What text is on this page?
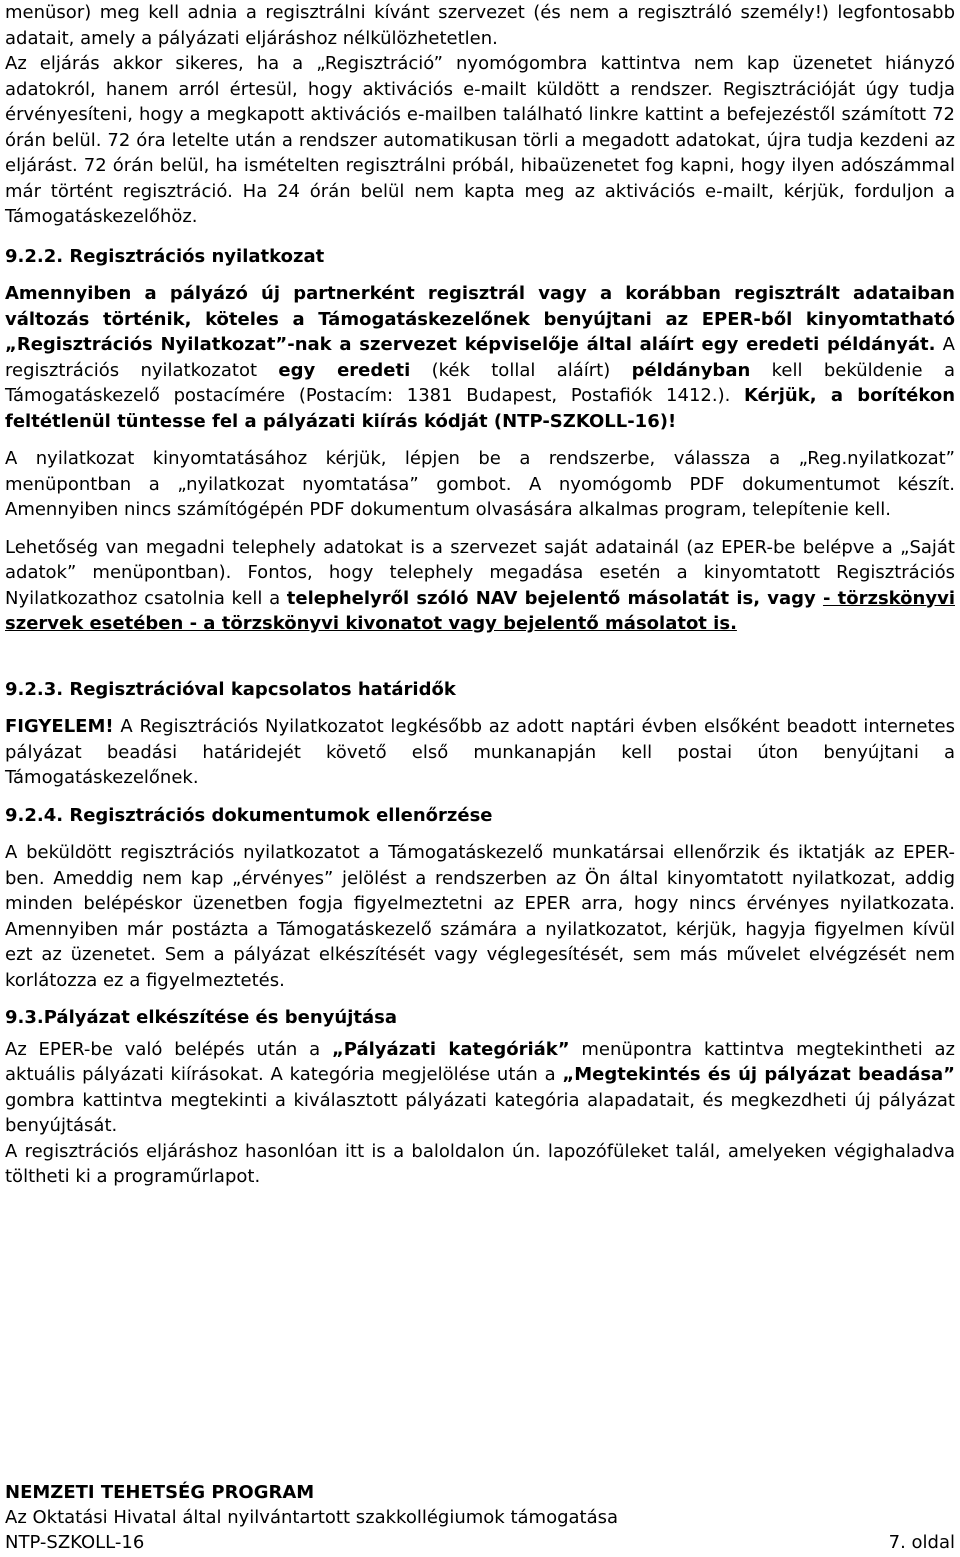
menüsor) meg kell adnia a regisztrálni kívánt szervezet (és nem a regisztráló személy!) legfontosabb adatait, amely a pályázati eljáráshoz nélkülözhetetlen.

Az eljárás akkor sikeres, ha a „Regisztráció” nyomógombra kattintva nem kap üzenetet hiányzó adatokról, hanem arról értesül, hogy aktivációs e-mailt küldött a rendszer. Regisztrációját úgy tudja érvényesíteni, hogy a megkapott aktivációs e-mailben található linkre kattint a befejezéstől számított 72 órán belül. 72 óra letelte után a rendszer automatikusan törli a megadott adatokat, újra tudja kezdeni az eljárást. 72 órán belül, ha ismételten regisztrálni próbál, hibaüzenetet fog kapni, hogy ilyen adószámmal már történt regisztráció. Ha 24 órán belül nem kapta meg az aktivációs e-mailt, kérjük, forduljon a Támogatáskezelőhöz.

9.2.2. Regisztrációs nyilatkozat

Amennyiben a pályázó új partnerként regisztrál vagy a korábban regisztrált adataiban változás történik, köteles a Támogatáskezelőnek benyújtani az EPER-ből kinyomtatható „Regisztrációs Nyilatkozat”-nak a szervezet képviselője által aláírt egy eredeti példányát. A regisztrációs nyilatkozatot egy eredeti (kék tollal aláírt) példányban kell beküldenie a Támogatáskezelő postacímére (Postacím: 1381 Budapest, Postafiók 1412.). Kérjük, a borítékon feltétlenül tüntesse fel a pályázati kiírás kódját (NTP-SZKOLL-16)!

A nyilatkozat kinyomtatásához kérjük, lépjen be a rendszerbe, válassza a „Reg.nyilatkozat” menüpontban a „nyilatkozat nyomtatása” gombot. A nyomógomb PDF dokumentumot készít. Amennyiben nincs számítógépén PDF dokumentum olvasására alkalmas program, telepítenie kell.

Lehetőség van megadni telephely adatokat is a szervezet saját adatainál (az EPER-be belépve a „Saját adatok” menüpontban). Fontos, hogy telephely megadása esetén a kinyomtatott Regisztrációs Nyilatkozathoz csatolnia kell a telephelyről szóló NAV bejelentő másolatát is, vagy - törzskönyvi szervek esetében - a törzskönyvi kivonatot vagy bejelentő másolatot is.

9.2.3. Regisztrációval kapcsolatos határidők

FIGYELEM! A Regisztrációs Nyilatkozatot legkésőbb az adott naptári évben elsőként beadott internetes pályázat beadási határidejét követő első munkanapján kell postai úton benyújtani a Támogatáskezelőnek.

9.2.4. Regisztrációs dokumentumok ellenőrzése

A beküldött regisztrációs nyilatkozatot a Támogatáskezelő munkatársai ellenőrzik és iktatják az EPER-ben. Ameddig nem kap „érvényes” jelölést a rendszerben az Ön által kinyomtatott nyilatkozat, addig minden belépéskor üzenetben fogja figyelmeztetni az EPER arra, hogy nincs érvényes nyilatkozata. Amennyiben már postázta a Támogatáskezelő számára a nyilatkozatot, kérjük, hagyja figyelmen kívül ezt az üzenetet. Sem a pályázat elkészítését vagy véglegesítését, sem más művelet elvégzését nem korlátozza ez a figyelmeztetés.

9.3.Pályázat elkészítése és benyújtása

Az EPER-be való belépés után a „Pályázati kategóriák” menüpontra kattintva megtekintheti az aktuális pályázati kiírásokat. A kategória megjelölése után a „Megtekintés és új pályázat beadása” gombra kattintva megtekinti a kiválasztott pályázati kategória alapadatait, és megkezdheti új pályázat benyújtását.

A regisztrációs eljáráshoz hasonlóan itt is a baloldalon ún. lapozófüleket talál, amelyeken végighaladva töltheti ki a programűrlapot.

NEMZETI TEHETSÉG PROGRAM
Az Oktatási Hivatal által nyilvántartott szakkollégiumok támogatása
NTP-SZKOLL-16	7. oldal
